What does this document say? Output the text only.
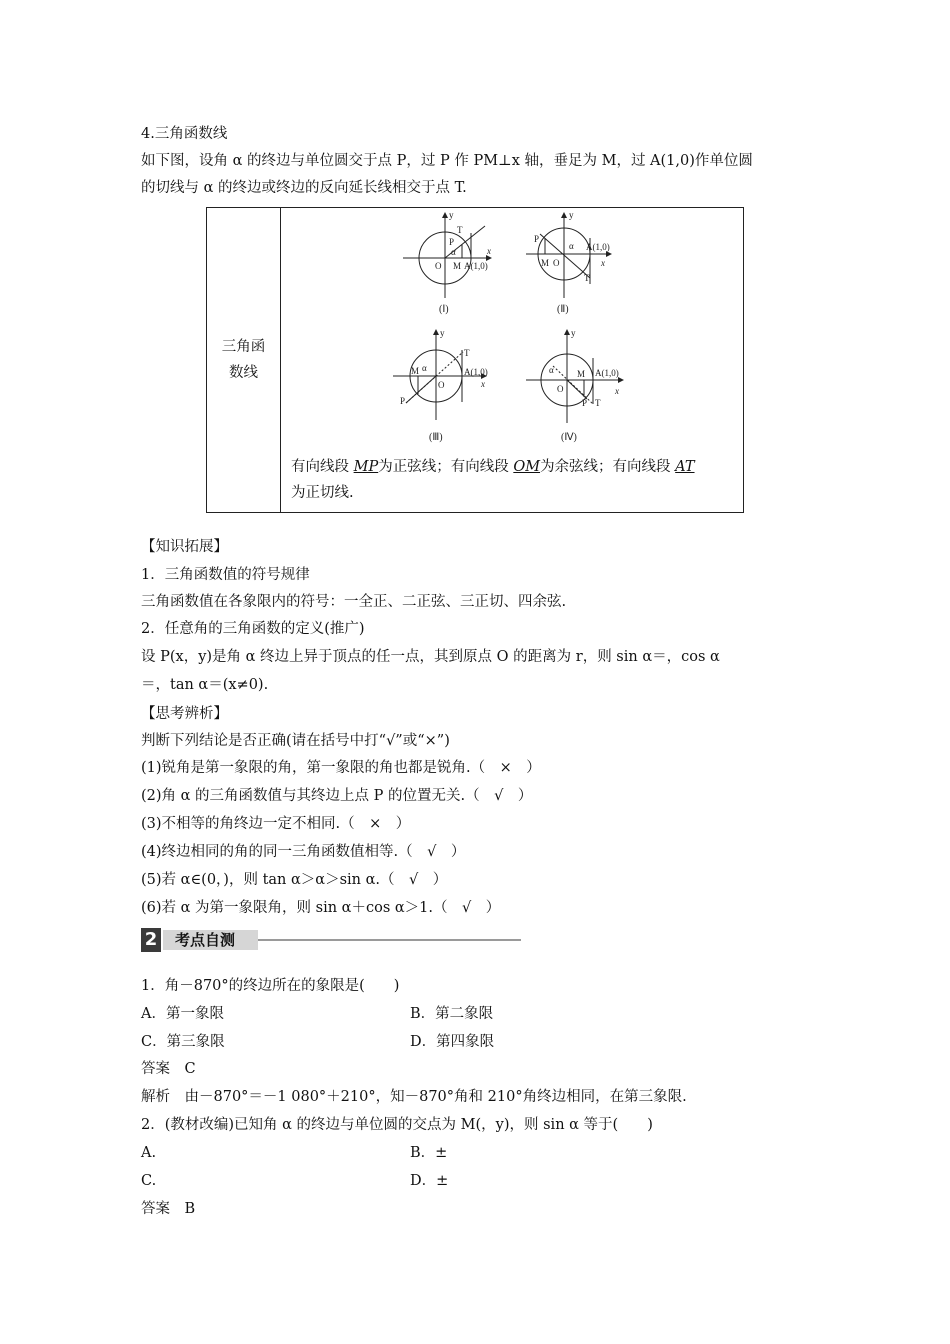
4.三角函数线
如下图，设角 α 的终边与单位圆交于点 P，过 P 作 PM⊥x 轴，垂足为 M，过 A(1,0)作单位圆
的切线与 α 的终边或终边的反向延长线相交于点 T.
三角函
数线

y
x
O M
P
T
α
A(1,0)
(Ⅰ)
y
x
O
M
P
T
α A(1,0)
(Ⅱ)
y
x
O
M
P
T
α	A(1,0)
(Ⅲ)
y
x
O
M
P T
α	A(1,0)
(Ⅳ)
有向线段 MP为正弦线；有向线段 OM为余弦线；有向线段 AT
为正切线.
【知识拓展】
1．三角函数值的符号规律
三角函数值在各象限内的符号：一全正、二正弦、三正切、四余弦.
2．任意角的三角函数的定义(推广)
设 P(x，y)是角 α 终边上异于顶点的任一点，其到原点 O 的距离为 r，则 sin α＝，cos α
＝，tan α＝(x≠0).
【思考辨析】
判断下列结论是否正确(请在括号中打“√”或“×”)
(1)锐角是第一象限的角，第一象限的角也都是锐角.（　×　）
(2)角 α 的三角函数值与其终边上点 P 的位置无关.（　√　）
(3)不相等的角终边一定不相同.（　×　）
(4)终边相同的角的同一三角函数值相等.（　√　）
(5)若 α∈(0，)，则 tan α＞α＞sin α.（　√　）
(6)若 α 为第一象限角，则 sin α＋cos α＞1.（　√　）
2 考点自测
1．角－870°的终边所在的象限是(　　)
A．第一象限	B．第二象限
C．第三象限	D．第四象限
答案　C
解析　由－870°＝－1 080°＋210°，知－870°角和 210°角终边相同，在第三象限.
2．(教材改编)已知角 α 的终边与单位圆的交点为 M(，y)，则 sin α 等于(　　)
A.	B．±
C.	D．±
答案　B
